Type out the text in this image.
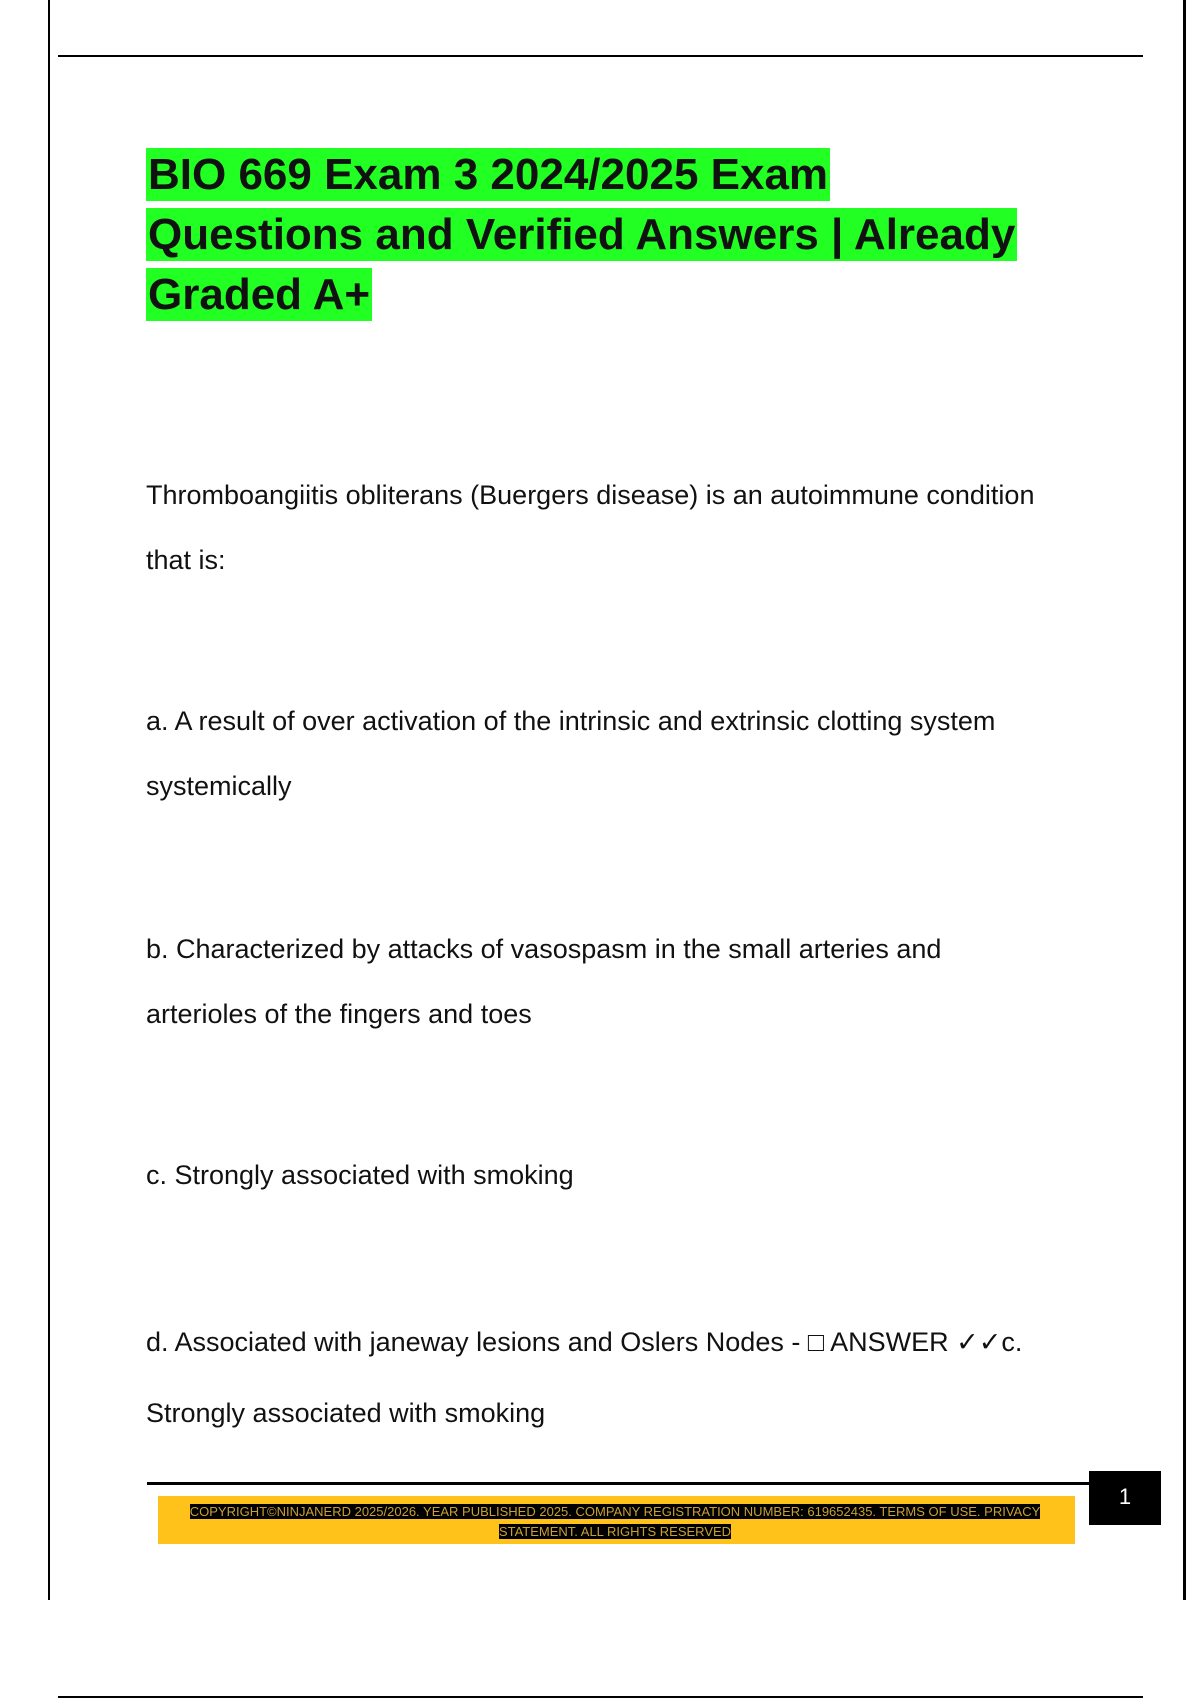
BIO 669 Exam 3 2024/2025 Exam Questions and Verified Answers | Already Graded A+

Thromboangiitis obliterans (Buergers disease) is an autoimmune condition

that is:

a. A result of over activation of the intrinsic and extrinsic clotting system

systemically

b. Characterized by attacks of vasospasm in the small arteries and

arterioles of the fingers and toes

c. Strongly associated with smoking

d. Associated with janeway lesions and Oslers Nodes - □ ANSWER ✓✓c.

Strongly associated with smoking

COPYRIGHT©NINJANERD 2025/2026. YEAR PUBLISHED 2025. COMPANY REGISTRATION NUMBER: 619652435. TERMS OF USE. PRIVACY
STATEMENT. ALL RIGHTS RESERVED
1
